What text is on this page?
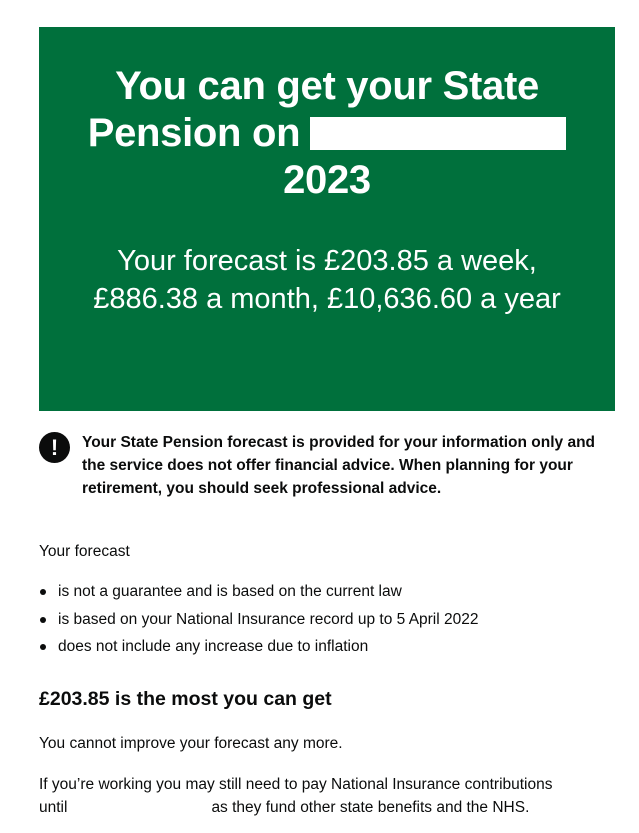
You can get your State
Pension on
2023

Your forecast is £203.85 a week, £886.38 a month, £10,636.60 a year

!	Your State Pension forecast is provided for your information only and the service does not offer financial advice. When planning for your retirement, you should seek professional advice.

Your forecast

is not a guarantee and is based on the current law
is based on your National Insurance record up to 5 April 2022
does not include any increase due to inflation
£203.85 is the most you can get

You cannot improve your forecast any more.

If you’re working you may still need to pay National Insurance contributions
until	as they fund other state benefits and the NHS.
